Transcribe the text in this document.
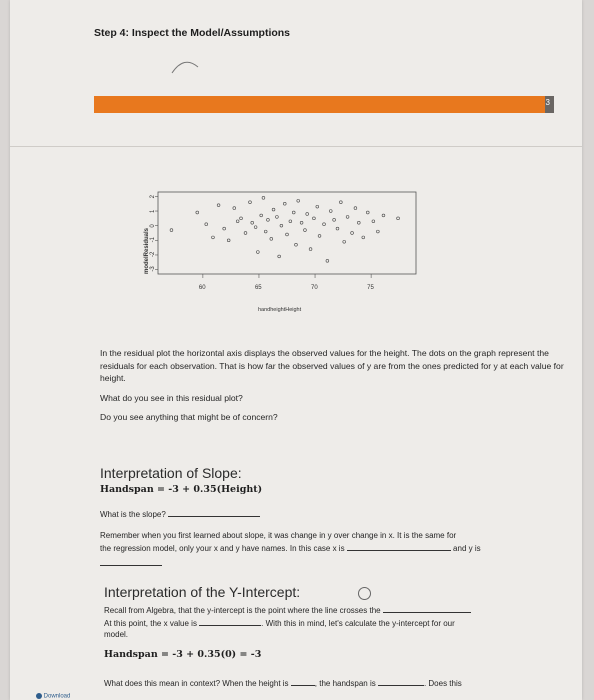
Step 4: Inspect the Model/Assumptions
3
modelResiduals -3
-2
-1
0
1
2
60	65	70	75
handheightHeight

In the residual plot the horizontal axis displays the observed values for the height. The dots on the graph represent the residuals for each observation. That is how far the observed values of y are from the ones predicted for y at each value for height.

What do you see in this residual plot?

Do you see anything that might be of concern?

Interpretation of Slope:
Handspan = -3 + 0.35(Height)
What is the slope?
Remember when you first learned about slope, it was change in y over change in x. It is the same for
the regression model, only your x and y have names. In this case x is	and y is
Interpretation of the Y-Intercept:
Recall from Algebra, that the y-intercept is the point where the line crosses the
At this point, the x value is	. With this in mind, let's calculate the y-intercept for our
model.
Handspan = -3 + 0.35(0) = -3
What does this mean in context? When the height is	, the handspan is	. Does this
Download
